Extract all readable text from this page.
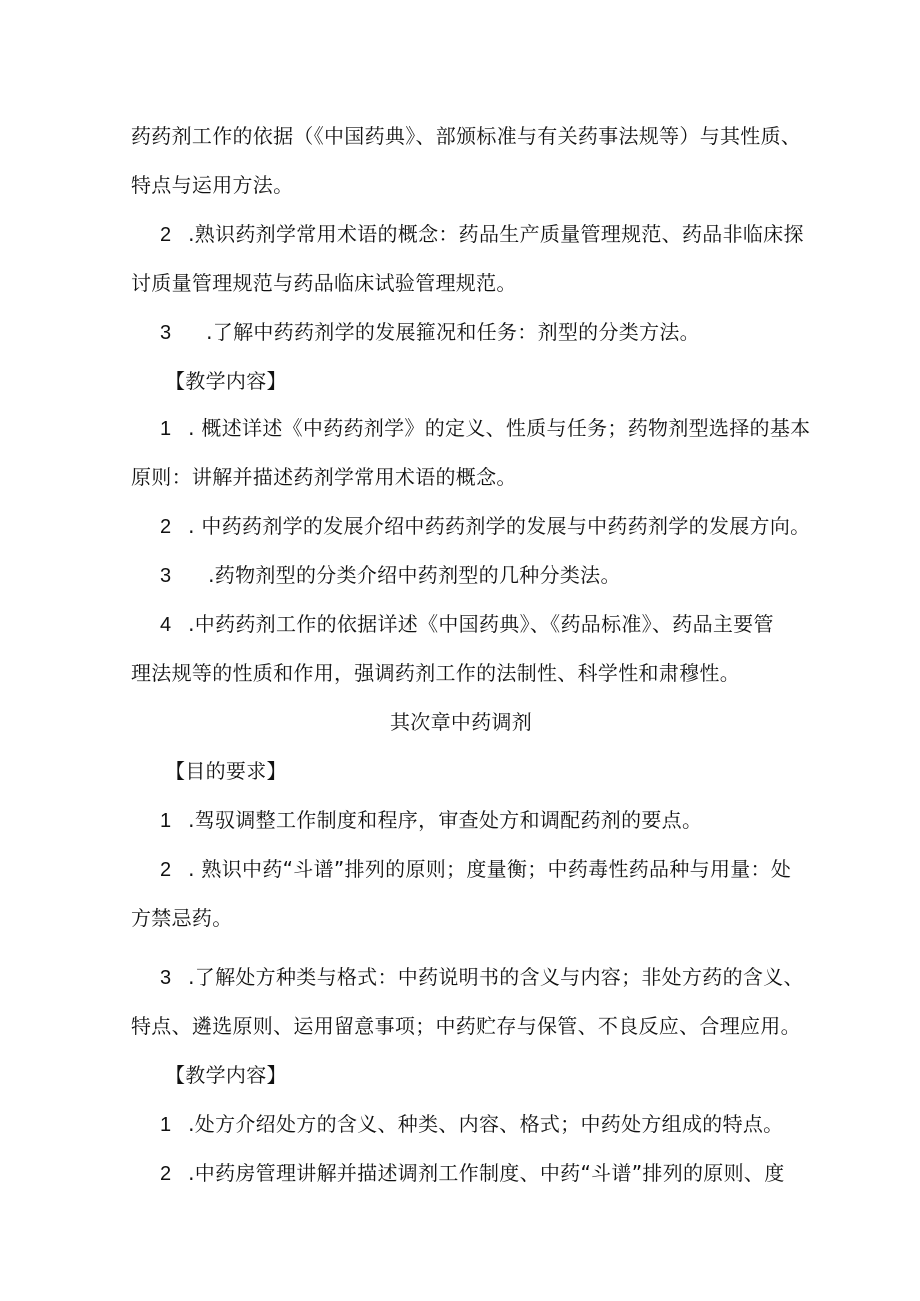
药药剂工作的依据（《中国药典》、部颁标准与有关药事法规等）与其性质、
特点与运用方法。
2 .熟识药剂学常用术语的概念：药品生产质量管理规范、药品非临床探
讨质量管理规范与药品临床试验管理规范。
3 .了解中药药剂学的发展箍况和任务：剂型的分类方法。
【教学内容】
1 . 概述详述《中药药剂学》的定义、性质与任务；药物剂型选择的基本
原则：讲解并描述药剂学常用术语的概念。
2 . 中药药剂学的发展介绍中药药剂学的发展与中药药剂学的发展方向。
3 .药物剂型的分类介绍中药剂型的几种分类法。
4 .中药药剂工作的依据详述《中国药典》、《药品标准》、药品主要管
理法规等的性质和作用，强调药剂工作的法制性、科学性和肃穆性。
其次章中药调剂
【目的要求】
1 .驾驭调整工作制度和程序，审查处方和调配药剂的要点。
2 . 熟识中药“斗谱”排列的原则；度量衡；中药毒性药品种与用量：处
方禁忌药。
3 .了解处方种类与格式：中药说明书的含义与内容；非处方药的含义、
特点、遴选原则、运用留意事项；中药贮存与保管、不良反应、合理应用。
【教学内容】
1 .处方介绍处方的含义、种类、内容、格式；中药处方组成的特点。
2 .中药房管理讲解并描述调剂工作制度、中药“斗谱”排列的原则、度
